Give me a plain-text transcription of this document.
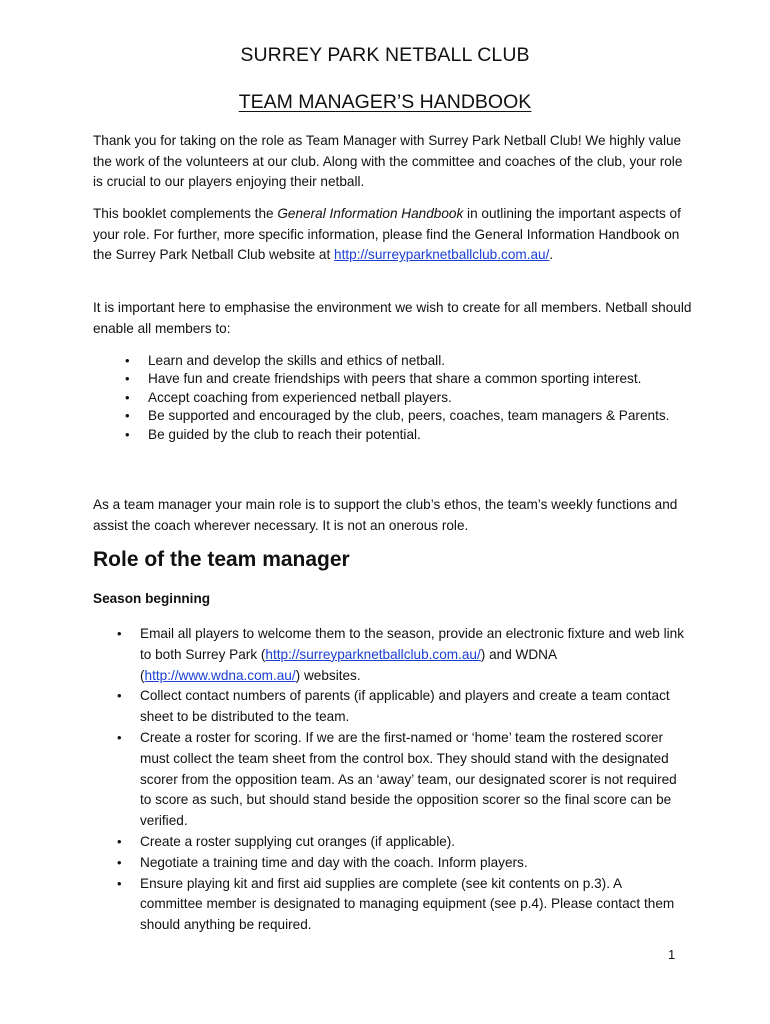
SURREY PARK NETBALL CLUB
TEAM MANAGER’S HANDBOOK
Thank you for taking on the role as Team Manager with Surrey Park Netball Club! We highly value the work of the volunteers at our club. Along with the committee and coaches of the club, your role is crucial to our players enjoying their netball.
This booklet complements the General Information Handbook in outlining the important aspects of your role. For further, more specific information, please find the General Information Handbook on the Surrey Park Netball Club website at http://surreyparknetballclub.com.au/.
It is important here to emphasise the environment we wish to create for all members. Netball should enable all members to:
• Learn and develop the skills and ethics of netball.
• Have fun and create friendships with peers that share a common sporting interest.
• Accept coaching from experienced netball players.
• Be supported and encouraged by the club, peers, coaches, team managers & Parents.
• Be guided by the club to reach their potential.
As a team manager your main role is to support the club’s ethos, the team’s weekly functions and assist the coach wherever necessary. It is not an onerous role.
Role of the team manager
Season beginning
• Email all players to welcome them to the season, provide an electronic fixture and web link to both Surrey Park (http://surreyparknetballclub.com.au/) and WDNA (http://www.wdna.com.au/) websites.
• Collect contact numbers of parents (if applicable) and players and create a team contact sheet to be distributed to the team.
• Create a roster for scoring. If we are the first-named or ‘home’ team the rostered scorer must collect the team sheet from the control box. They should stand with the designated scorer from the opposition team. As an ‘away’ team, our designated scorer is not required to score as such, but should stand beside the opposition scorer so the final score can be verified.
• Create a roster supplying cut oranges (if applicable).
• Negotiate a training time and day with the coach. Inform players.
• Ensure playing kit and first aid supplies are complete (see kit contents on p.3). A committee member is designated to managing equipment (see p.4). Please contact them should anything be required.
1
